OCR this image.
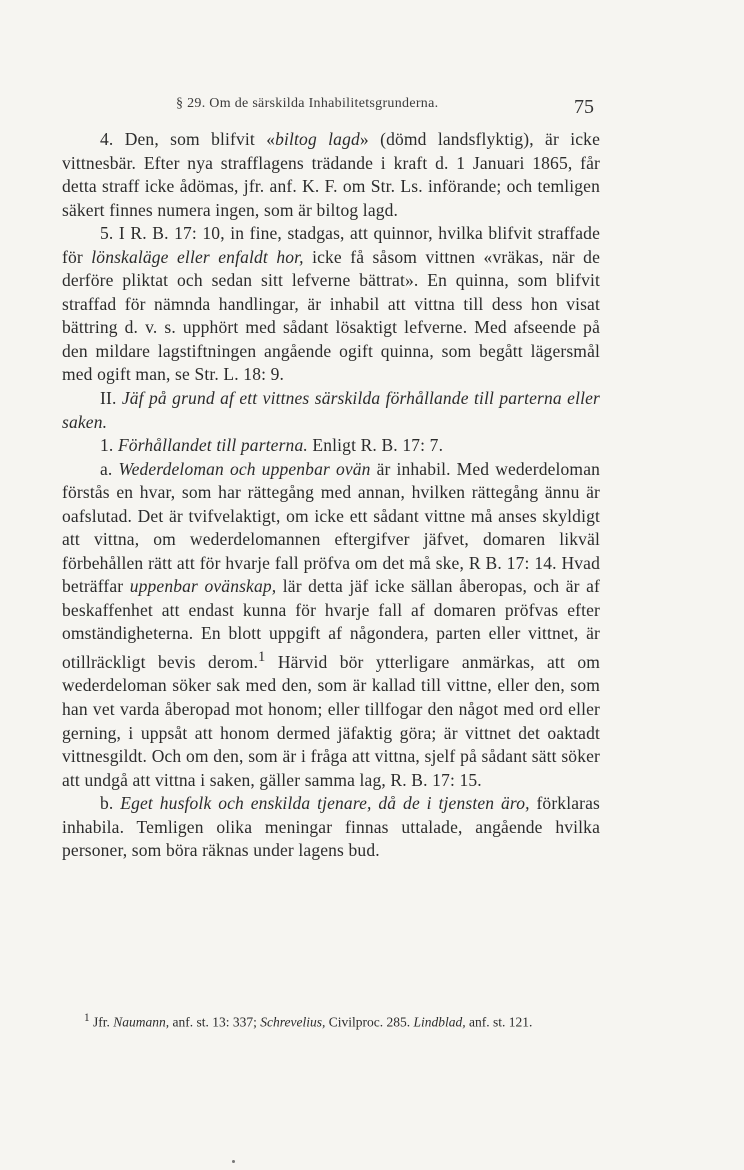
§ 29. Om de särskilda Inhabilitetsgrunderna.	75

4. Den, som blifvit «biltog lagd» (dömd landsflyktig), är icke vittnesbär. Efter nya strafflagens trädande i kraft d. 1 Januari 1865, får detta straff icke ådömas, jfr. anf. K. F. om Str. Ls. införande; och temligen säkert finnes numera ingen, som är biltog lagd.

5. I R. B. 17: 10, in fine, stadgas, att quinnor, hvilka blifvit straffade för lönskaläge eller enfaldt hor, icke få såsom vittnen «vräkas, när de derföre pliktat och sedan sitt lefverne bättrat». En quinna, som blifvit straffad för nämnda handlingar, är inhabil att vittna till dess hon visat bättring d. v. s. upphört med sådant lösaktigt lefverne. Med afseende på den mildare lagstiftningen angående ogift quinna, som begått lägersmål med ogift man, se Str. L. 18: 9.

II. Jäf på grund af ett vittnes särskilda förhållande till parterna eller saken.

1. Förhållandet till parterna. Enligt R. B. 17: 7.

a. Wederdeloman och uppenbar ovän är inhabil. Med wederdeloman förstås en hvar, som har rättegång med annan, hvilken rättegång ännu är oafslutad. Det är tvifvelaktigt, om icke ett sådant vittne må anses skyldigt att vittna, om wederdelomannen eftergifver jäfvet, domaren likväl förbehållen rätt att för hvarje fall pröfva om det må ske, R B. 17: 14. Hvad beträffar uppenbar ovänskap, lär detta jäf icke sällan åberopas, och är af beskaffenhet att endast kunna för hvarje fall af domaren pröfvas efter omständigheterna. En blott uppgift af någondera, parten eller vittnet, är otillräckligt bevis derom.$^1$ Härvid bör ytterligare anmärkas, att om wederdeloman söker sak med den, som är kallad till vittne, eller den, som han vet varda åberopad mot honom; eller tillfogar den något med ord eller gerning, i uppsåt att honom dermed jäfaktig göra; är vittnet det oaktadt vittnesgildt. Och om den, som är i fråga att vittna, sjelf på sådant sätt söker att undgå att vittna i saken, gäller samma lag, R. B. 17: 15.

b. Eget husfolk och enskilda tjenare, då de i tjensten äro, förklaras inhabila. Temligen olika meningar finnas uttalade, angående hvilka personer, som böra räknas under lagens bud.

$^1$ Jfr. Naumann, anf. st. 13: 337; Schrevelius, Civilproc. 285. Lindblad, anf. st. 121.
